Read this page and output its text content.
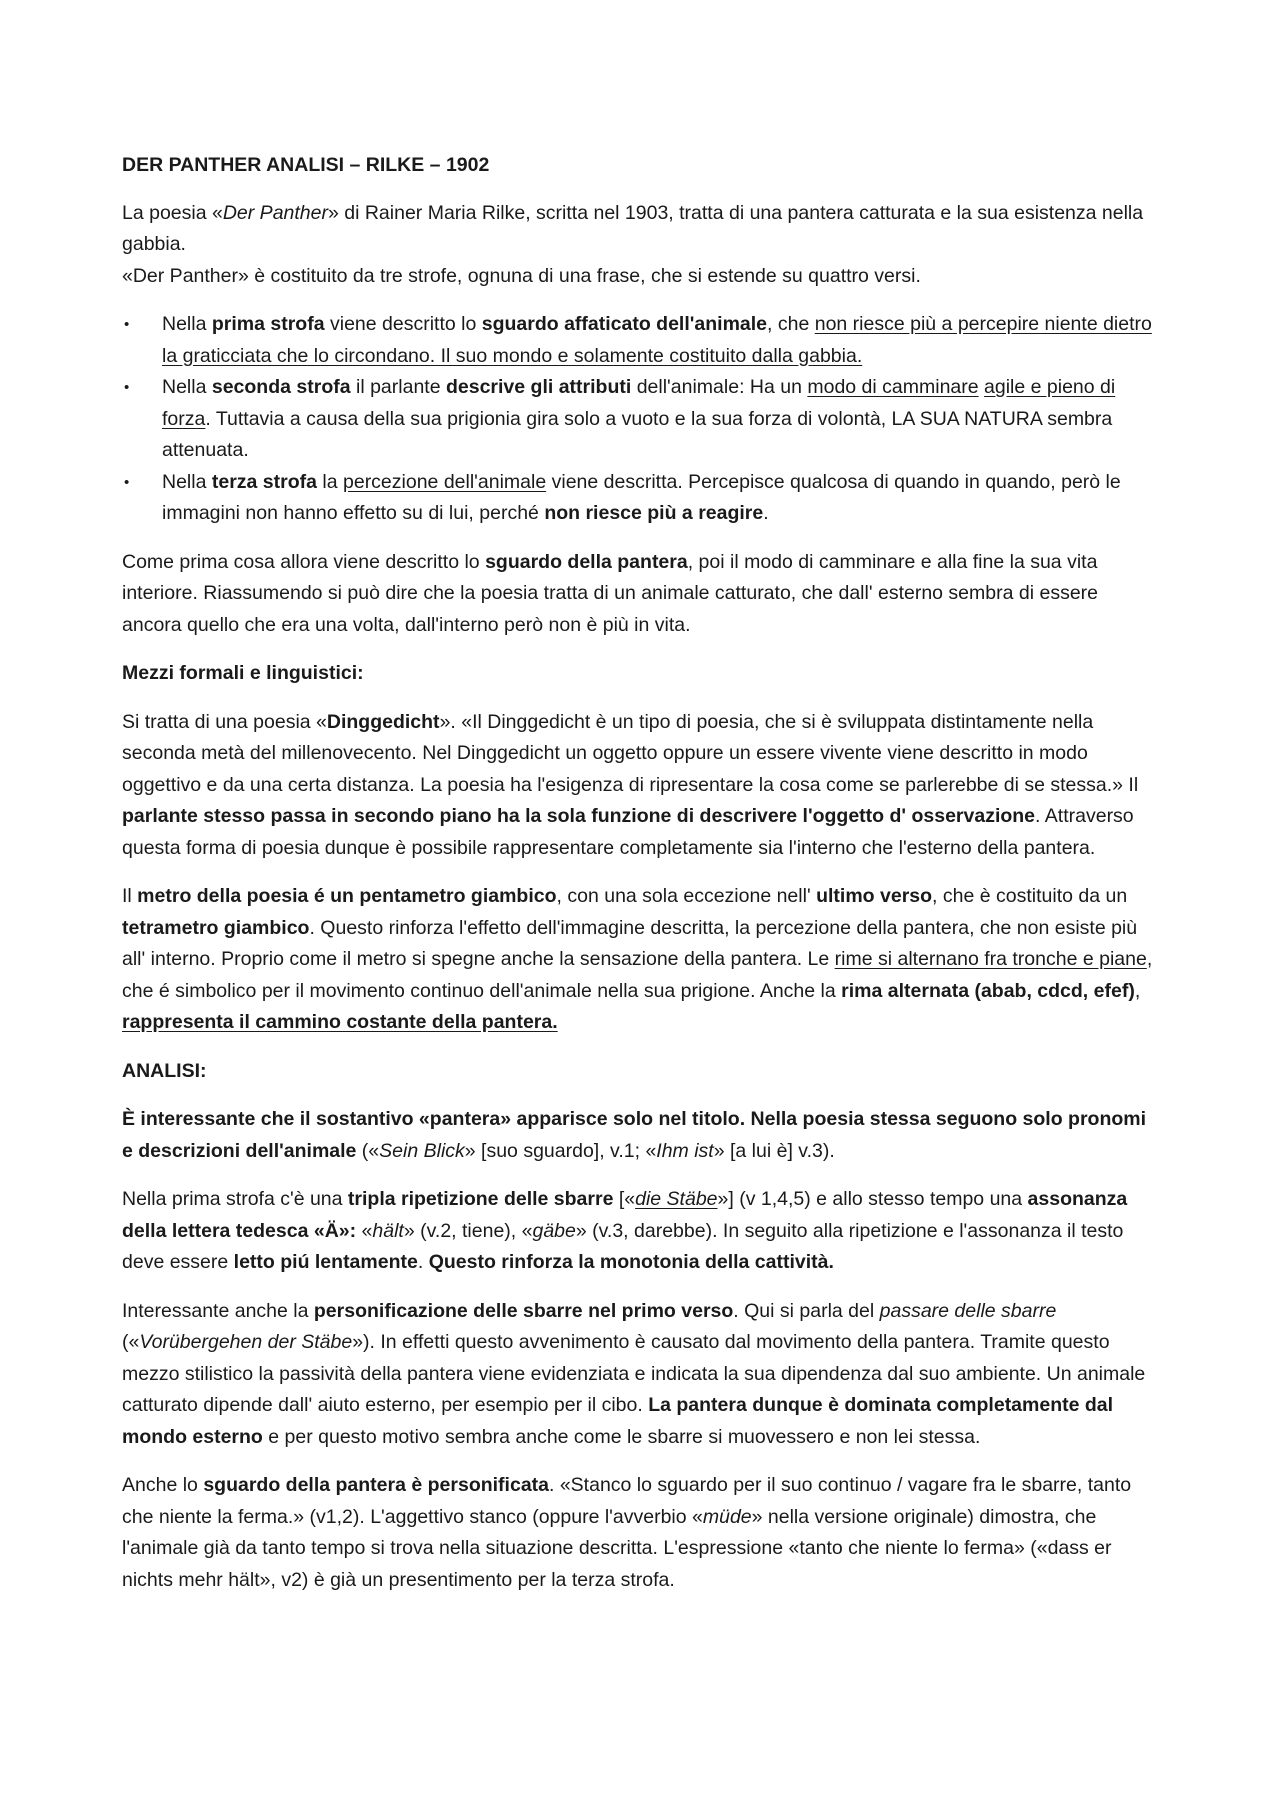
DER PANTHER ANALISI – RILKE – 1902

La poesia «Der Panther» di Rainer Maria Rilke, scritta nel 1903, tratta di una pantera catturata e la sua esistenza nella gabbia.
«Der Panther» è costituito da tre strofe, ognuna di una frase, che si estende su quattro versi.

• Nella prima strofa viene descritto lo sguardo affaticato dell'animale, che non riesce più a percepire niente dietro la graticciata che lo circondano. Il suo mondo e solamente costituito dalla gabbia.
• Nella seconda strofa il parlante descrive gli attributi dell'animale: Ha un modo di camminare agile e pieno di forza. Tuttavia a causa della sua prigionia gira solo a vuoto e la sua forza di volontà, LA SUA NATURA sembra attenuata.
• Nella terza strofa la percezione dell'animale viene descritta. Percepisce qualcosa di quando in quando, però le immagini non hanno effetto su di lui, perché non riesce più a reagire.

Come prima cosa allora viene descritto lo sguardo della pantera, poi il modo di camminare e alla fine la sua vita interiore. Riassumendo si può dire che la poesia tratta di un animale catturato, che dall' esterno sembra di essere ancora quello che era una volta, dall'interno però non è più in vita.

Mezzi formali e linguistici:

Si tratta di una poesia «Dinggedicht». «Il Dinggedicht è un tipo di poesia, che si è sviluppata distintamente nella seconda metà del millenovecento. Nel Dinggedicht un oggetto oppure un essere vivente viene descritto in modo oggettivo e da una certa distanza. La poesia ha l'esigenza di ripresentare la cosa come se parlerebbe di se stessa.» Il parlante stesso passa in secondo piano ha la sola funzione di descrivere l'oggetto d' osservazione. Attraverso questa forma di poesia dunque è possibile rappresentare completamente sia l'interno che l'esterno della pantera.

Il metro della poesia é un pentametro giambico, con una sola eccezione nell' ultimo verso, che è costituito da un tetrametro giambico. Questo rinforza l'effetto dell'immagine descritta, la percezione della pantera, che non esiste più all' interno. Proprio come il metro si spegne anche la sensazione della pantera. Le rime si alternano fra tronche e piane, che é simbolico per il movimento continuo dell'animale nella sua prigione. Anche la rima alternata (abab, cdcd, efef), rappresenta il cammino costante della pantera.

ANALISI:

È interessante che il sostantivo «pantera» apparisce solo nel titolo. Nella poesia stessa seguono solo pronomi e descrizioni dell'animale («Sein Blick» [suo sguardo], v.1; «Ihm ist» [a lui è] v.3).

Nella prima strofa c'è una tripla ripetizione delle sbarre [«die Stäbe»] (v 1,4,5) e allo stesso tempo una assonanza della lettera tedesca «Ä»: «hält» (v.2, tiene), «gäbe» (v.3, darebbe). In seguito alla ripetizione e l'assonanza il testo deve essere letto piú lentamente. Questo rinforza la monotonia della cattività.

Interessante anche la personificazione delle sbarre nel primo verso. Qui si parla del passare delle sbarre («Vorübergehen der Stäbe»). In effetti questo avvenimento è causato dal movimento della pantera. Tramite questo mezzo stilistico la passività della pantera viene evidenziata e indicata la sua dipendenza dal suo ambiente. Un animale catturato dipende dall' aiuto esterno, per esempio per il cibo. La pantera dunque è dominata completamente dal mondo esterno e per questo motivo sembra anche come le sbarre si muovessero e non lei stessa.

Anche lo sguardo della pantera è personificata. «Stanco lo sguardo per il suo continuo / vagare fra le sbarre, tanto che niente la ferma.» (v1,2). L'aggettivo stanco (oppure l'avverbio «müde» nella versione originale) dimostra, che l'animale già da tanto tempo si trova nella situazione descritta. L'espressione «tanto che niente lo ferma» («dass er nichts mehr hält», v2) è già un presentimento per la terza strofa.
